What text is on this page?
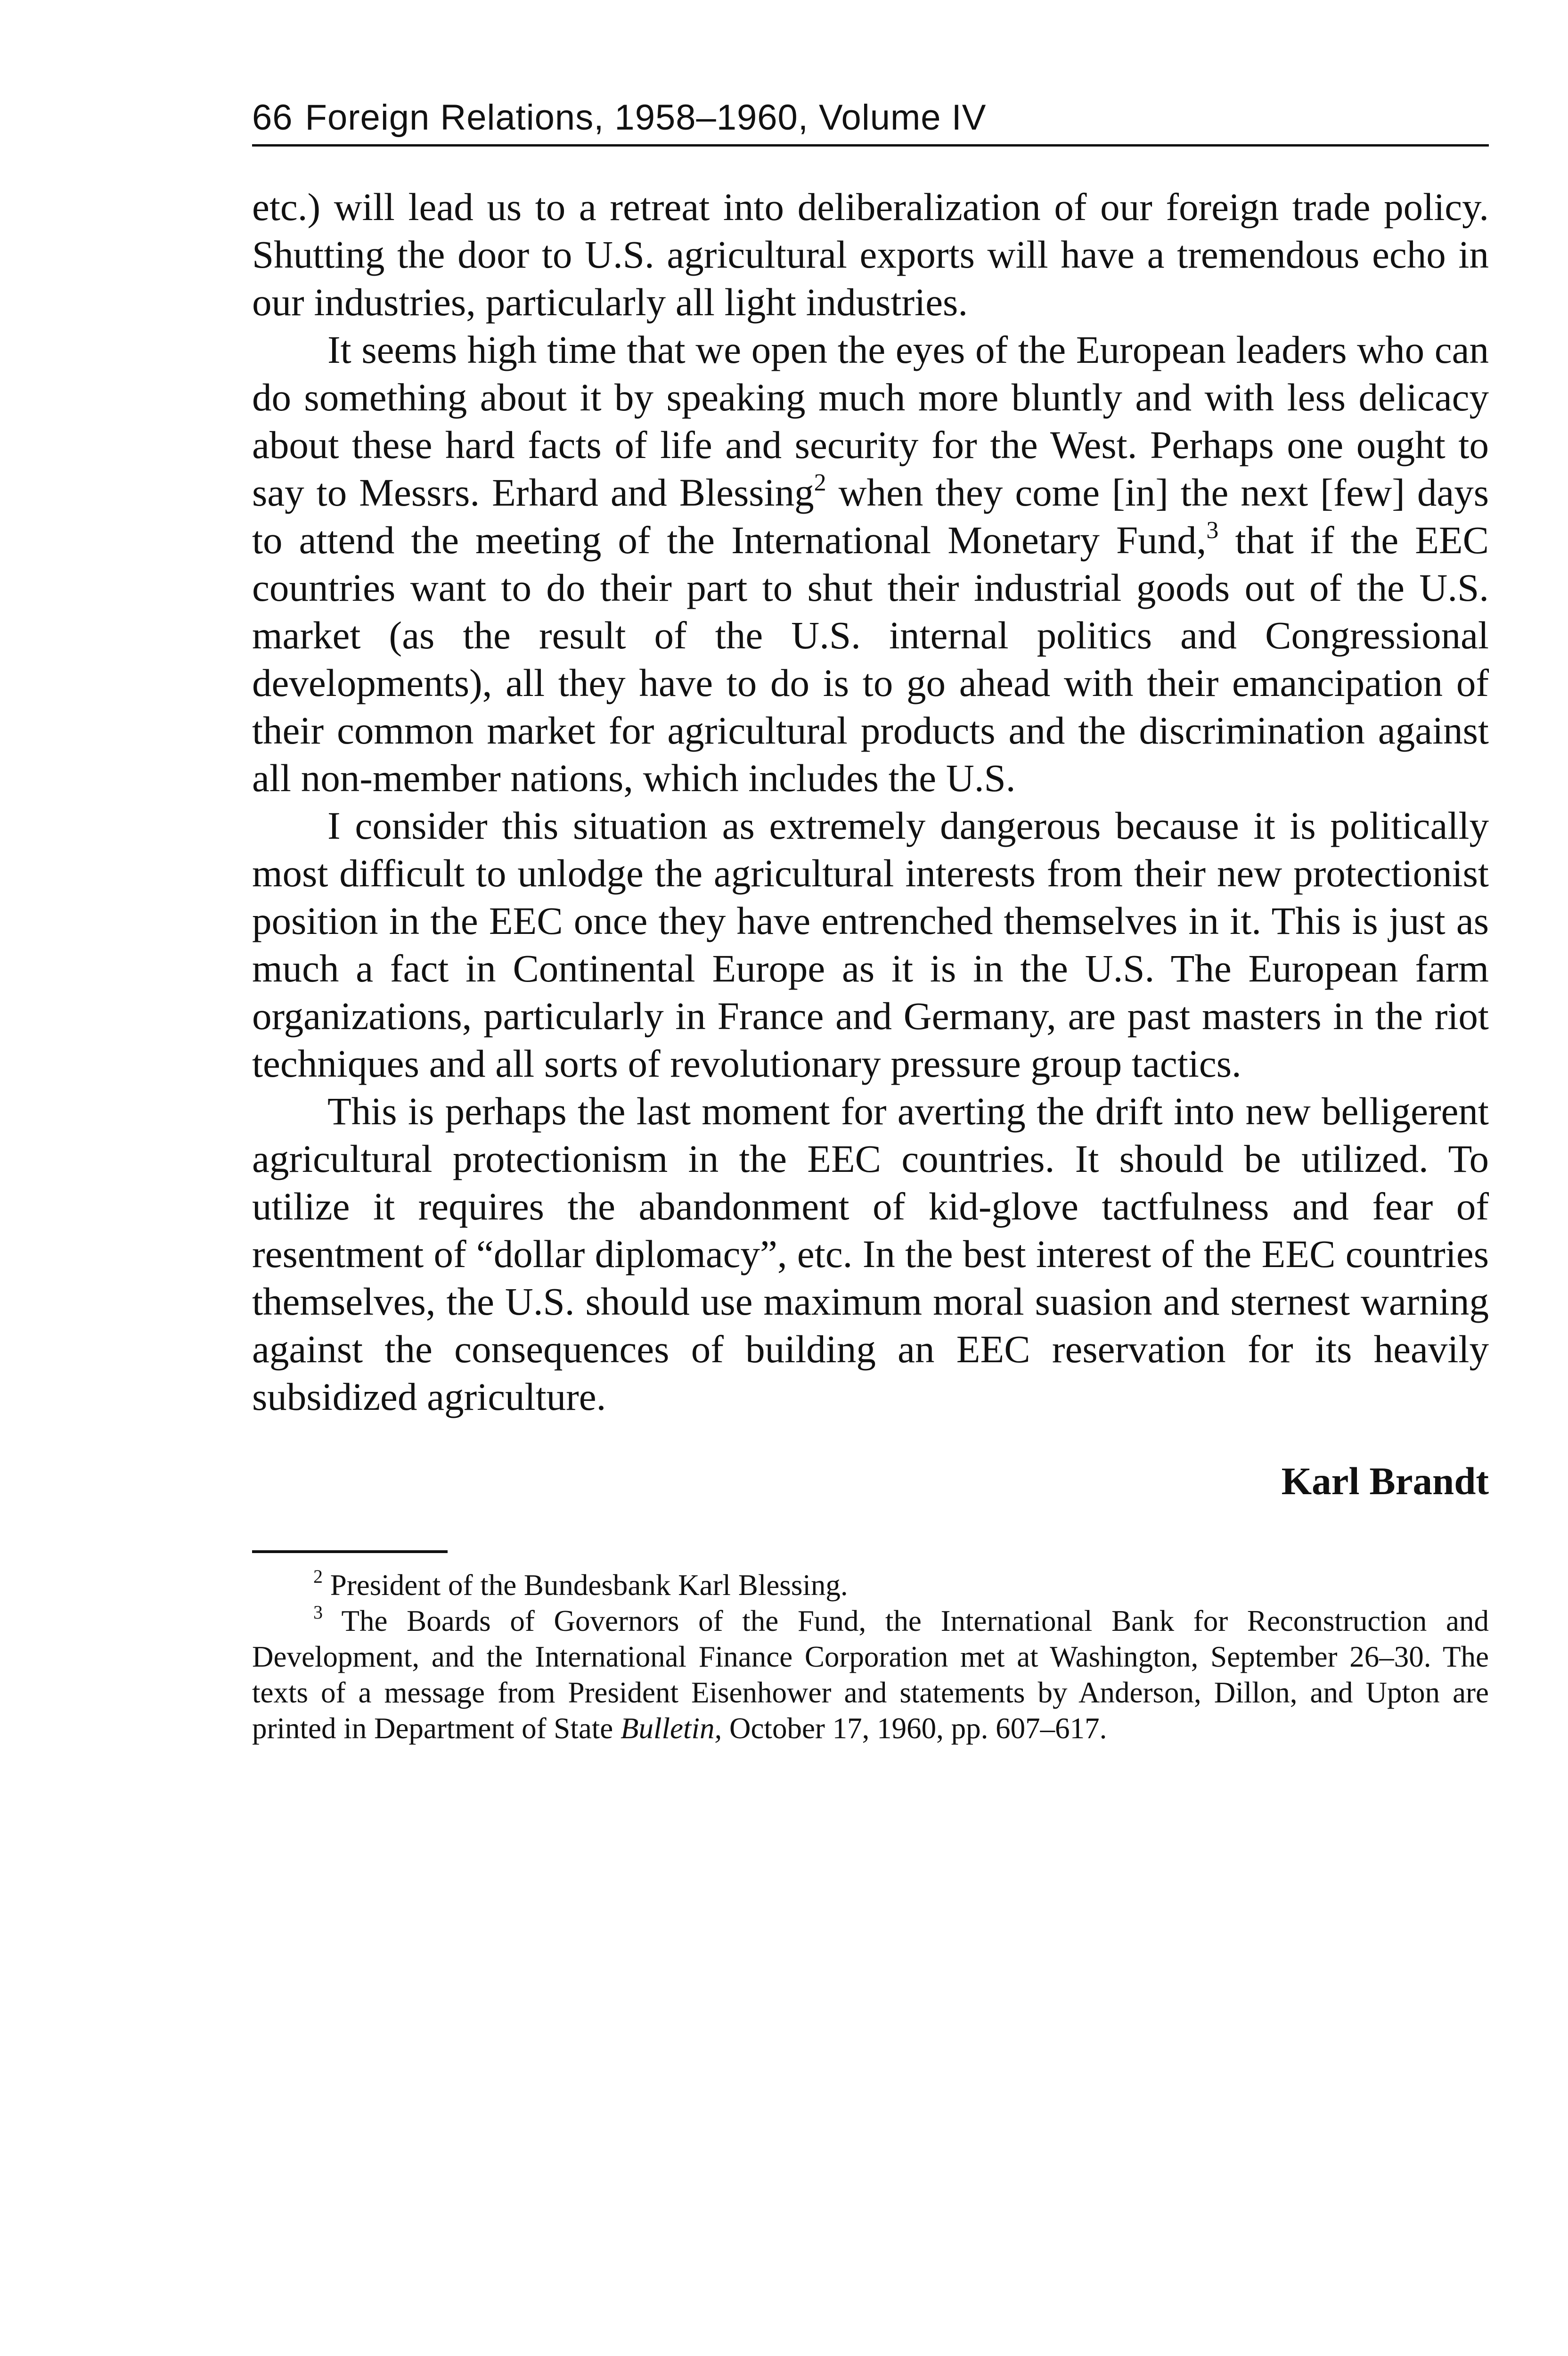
66 Foreign Relations, 1958–1960, Volume IV

etc.) will lead us to a retreat into deliberalization of our foreign trade policy. Shutting the door to U.S. agricultural exports will have a tremendous echo in our industries, particularly all light industries.

It seems high time that we open the eyes of the European leaders who can do something about it by speaking much more bluntly and with less delicacy about these hard facts of life and security for the West. Perhaps one ought to say to Messrs. Erhard and Blessing$^2$ when they come [in] the next [few] days to attend the meeting of the International Monetary Fund,$^3$ that if the EEC countries want to do their part to shut their industrial goods out of the U.S. market (as the result of the U.S. internal politics and Congressional developments), all they have to do is to go ahead with their emancipation of their common market for agricultural products and the discrimination against all non-member nations, which includes the U.S.

I consider this situation as extremely dangerous because it is politically most difficult to unlodge the agricultural interests from their new protectionist position in the EEC once they have entrenched themselves in it. This is just as much a fact in Continental Europe as it is in the U.S. The European farm organizations, particularly in France and Germany, are past masters in the riot techniques and all sorts of revolutionary pressure group tactics.

This is perhaps the last moment for averting the drift into new belligerent agricultural protectionism in the EEC countries. It should be utilized. To utilize it requires the abandonment of kid-glove tactfulness and fear of resentment of “dollar diplomacy”, etc. In the best interest of the EEC countries themselves, the U.S. should use maximum moral suasion and sternest warning against the consequences of building an EEC reservation for its heavily subsidized agriculture.

Karl Brandt

$^2$ President of the Bundesbank Karl Blessing.

$^3$ The Boards of Governors of the Fund, the International Bank for Reconstruction and Development, and the International Finance Corporation met at Washington, September 26–30. The texts of a message from President Eisenhower and statements by Anderson, Dillon, and Upton are printed in Department of State Bulletin, October 17, 1960, pp. 607–617.
